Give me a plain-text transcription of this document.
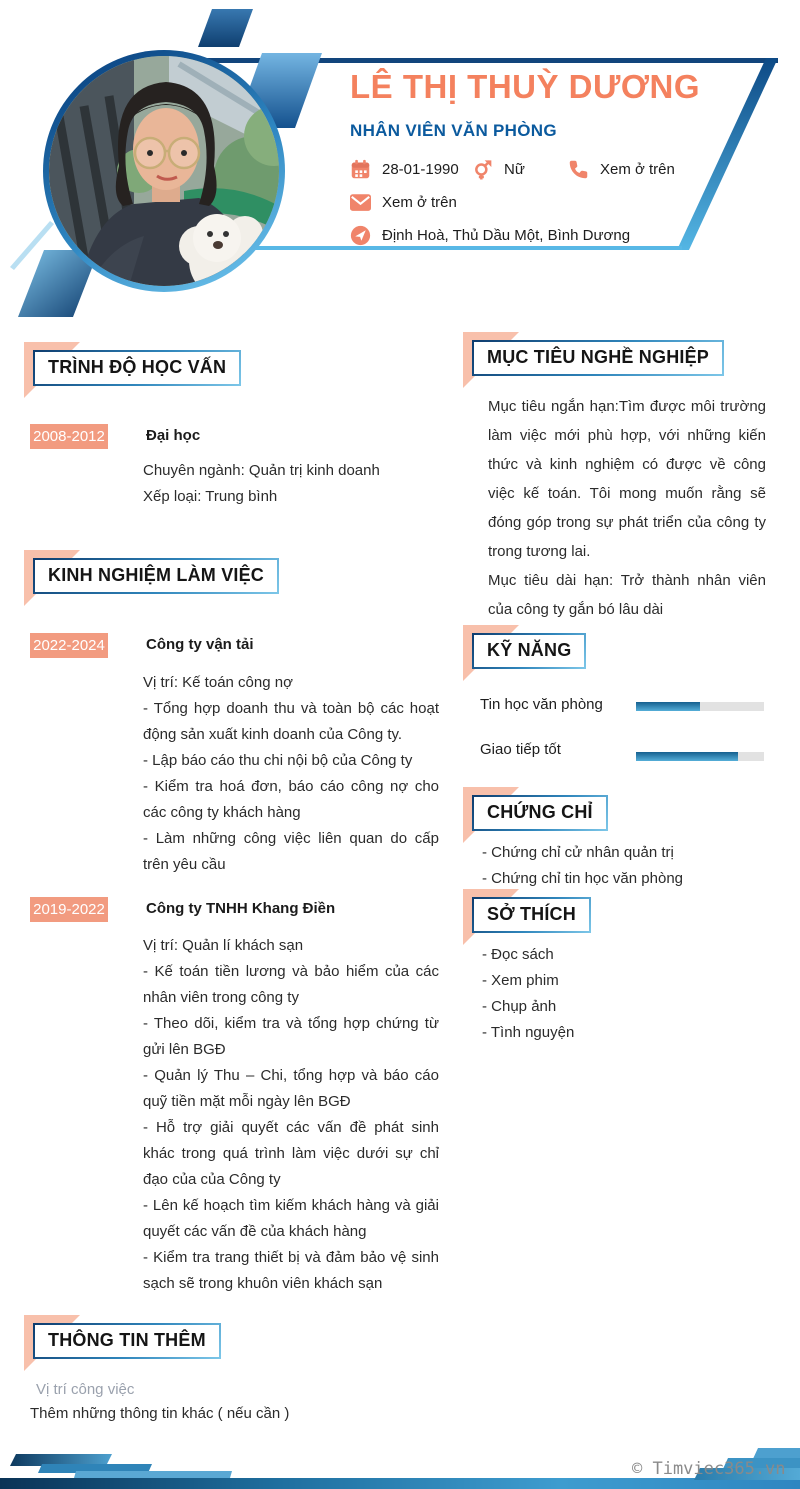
LÊ THỊ THUỲ DƯƠNG
NHÂN VIÊN VĂN PHÒNG
28-01-1990	Nữ	Xem ở trên
Xem ở trên
Định Hoà, Thủ Dầu Một, Bình Dương
TRÌNH ĐỘ HỌC VẤN
2008-2012	Đại học
Chuyên ngành: Quản trị kinh doanh
Xếp loại: Trung bình
KINH NGHIỆM LÀM VIỆC
2022-2024	Công ty vận tải
Vị trí: Kế toán công nợ
- Tổng hợp doanh thu và toàn bộ các hoạt động sản xuất kinh doanh của Công ty.
- Lập báo cáo thu chi nội bộ của Công ty
- Kiểm tra hoá đơn, báo cáo công nợ cho các công ty khách hàng
- Làm những công việc liên quan do cấp trên yêu cầu
2019-2022	Công ty TNHH Khang Điền
Vị trí: Quản lí khách sạn
- Kế toán tiền lương và bảo hiểm của các nhân viên trong công ty
- Theo dõi, kiểm tra và tổng hợp chứng từ gửi lên BGĐ
- Quản lý Thu – Chi, tổng hợp và báo cáo quỹ tiền mặt mỗi ngày lên BGĐ
- Hỗ trợ giải quyết các vấn đề phát sinh khác trong quá trình làm việc dưới sự chỉ đạo của của Công ty
- Lên kế hoạch tìm kiếm khách hàng và giải quyết các vấn đề của khách hàng
- Kiểm tra trang thiết bị và đảm bảo vệ sinh sạch sẽ trong khuôn viên khách sạn
THÔNG TIN THÊM
Vị trí công việc
Thêm những thông tin khác ( nếu cần )
MỤC TIÊU NGHỀ NGHIỆP
Mục tiêu ngắn hạn:Tìm được môi trường làm việc mới phù hợp, với những kiến thức và kinh nghiệm có được về công việc kế toán. Tôi mong muốn rằng sẽ đóng góp trong sự phát triển của công ty trong tương lai.
Mục tiêu dài hạn: Trở thành nhân viên của công ty gắn bó lâu dài
KỸ NĂNG
Tin học văn phòng
Giao tiếp tốt
CHỨNG CHỈ
- Chứng chỉ cử nhân quản trị
- Chứng chỉ tin học văn phòng
SỞ THÍCH
- Đọc sách
- Xem phim
- Chụp ảnh
- Tình nguyện
© Timviec365.vn
